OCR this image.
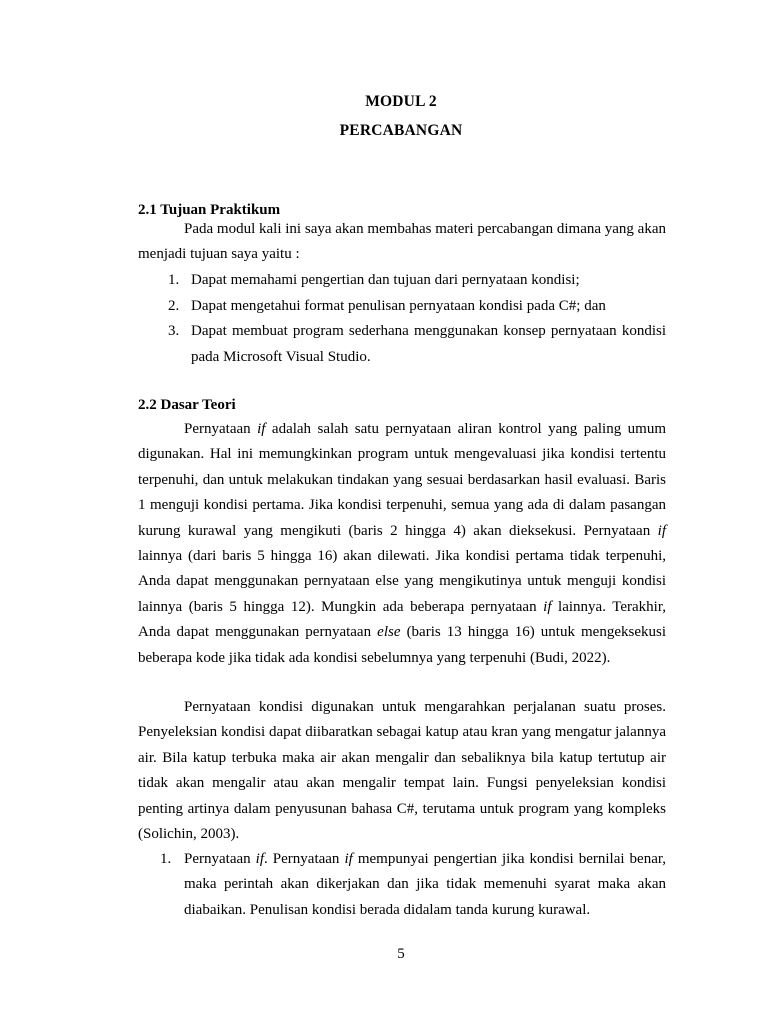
MODUL 2
PERCABANGAN
2.1 Tujuan Praktikum

Pada modul kali ini saya akan membahas materi percabangan dimana yang akan menjadi tujuan saya yaitu :

1. Dapat memahami pengertian dan tujuan dari pernyataan kondisi;
2. Dapat mengetahui format penulisan pernyataan kondisi pada C#; dan
3. Dapat membuat program sederhana menggunakan konsep pernyataan kondisi pada Microsoft Visual Studio.
2.2 Dasar Teori

Pernyataan if adalah salah satu pernyataan aliran kontrol yang paling umum digunakan. Hal ini memungkinkan program untuk mengevaluasi jika kondisi tertentu terpenuhi, dan untuk melakukan tindakan yang sesuai berdasarkan hasil evaluasi. Baris 1 menguji kondisi pertama. Jika kondisi terpenuhi, semua yang ada di dalam pasangan kurung kurawal yang mengikuti (baris 2 hingga 4) akan dieksekusi. Pernyataan if lainnya (dari baris 5 hingga 16) akan dilewati. Jika kondisi pertama tidak terpenuhi, Anda dapat menggunakan pernyataan else yang mengikutinya untuk menguji kondisi lainnya (baris 5 hingga 12). Mungkin ada beberapa pernyataan if lainnya. Terakhir, Anda dapat menggunakan pernyataan else (baris 13 hingga 16) untuk mengeksekusi beberapa kode jika tidak ada kondisi sebelumnya yang terpenuhi (Budi, 2022).

Pernyataan kondisi digunakan untuk mengarahkan perjalanan suatu proses. Penyeleksian kondisi dapat diibaratkan sebagai katup atau kran yang mengatur jalannya air. Bila katup terbuka maka air akan mengalir dan sebaliknya bila katup tertutup air tidak akan mengalir atau akan mengalir tempat lain. Fungsi penyeleksian kondisi penting artinya dalam penyusunan bahasa C#, terutama untuk program yang kompleks (Solichin, 2003).

1. Pernyataan if. Pernyataan if mempunyai pengertian jika kondisi bernilai benar, maka perintah akan dikerjakan dan jika tidak memenuhi syarat maka akan diabaikan. Penulisan kondisi berada didalam tanda kurung kurawal.
5
